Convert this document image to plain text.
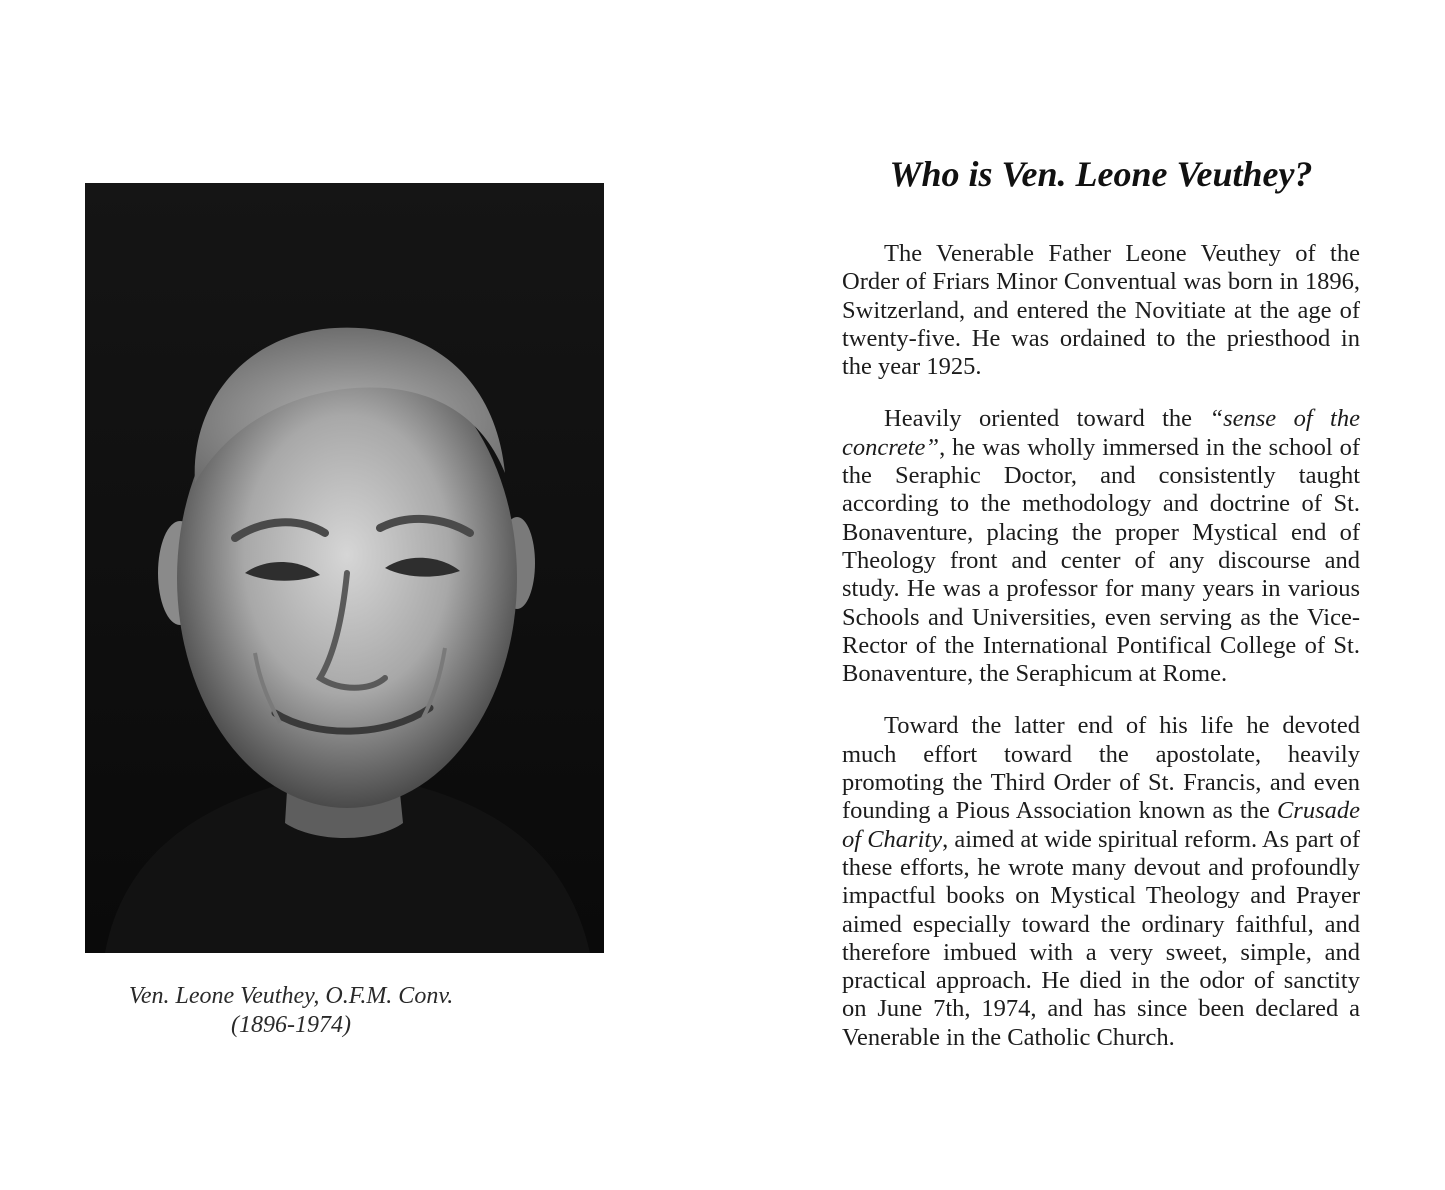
Ven. Leone Veuthey, O.F.M. Conv.
(1896-1974)
Who is Ven. Leone Veuthey?

The Venerable Father Leone Veuthey of the Order of Friars Minor Conventual was born in 1896, Switzerland, and entered the Novitiate at the age of twenty-five. He was ordained to the priesthood in the year 1925.

Heavily oriented toward the “sense of the concrete”, he was wholly immersed in the school of the Seraphic Doctor, and consistently taught according to the methodology and doctrine of St. Bonaventure, placing the proper Mystical end of Theology front and center of any discourse and study. He was a professor for many years in various Schools and Universities, even serving as the Vice-Rector of the International Pontifical College of St. Bonaventure, the Seraphicum at Rome.

Toward the latter end of his life he devoted much effort toward the apostolate, heavily promoting the Third Order of St. Francis, and even founding a Pious Association known as the Crusade of Charity, aimed at wide spiritual reform. As part of these efforts, he wrote many devout and profoundly impactful books on Mystical Theology and Prayer aimed especially toward the ordinary faithful, and therefore imbued with a very sweet, simple, and practical approach. He died in the odor of sanctity on June 7th, 1974, and has since been declared a Venerable in the Catholic Church.
